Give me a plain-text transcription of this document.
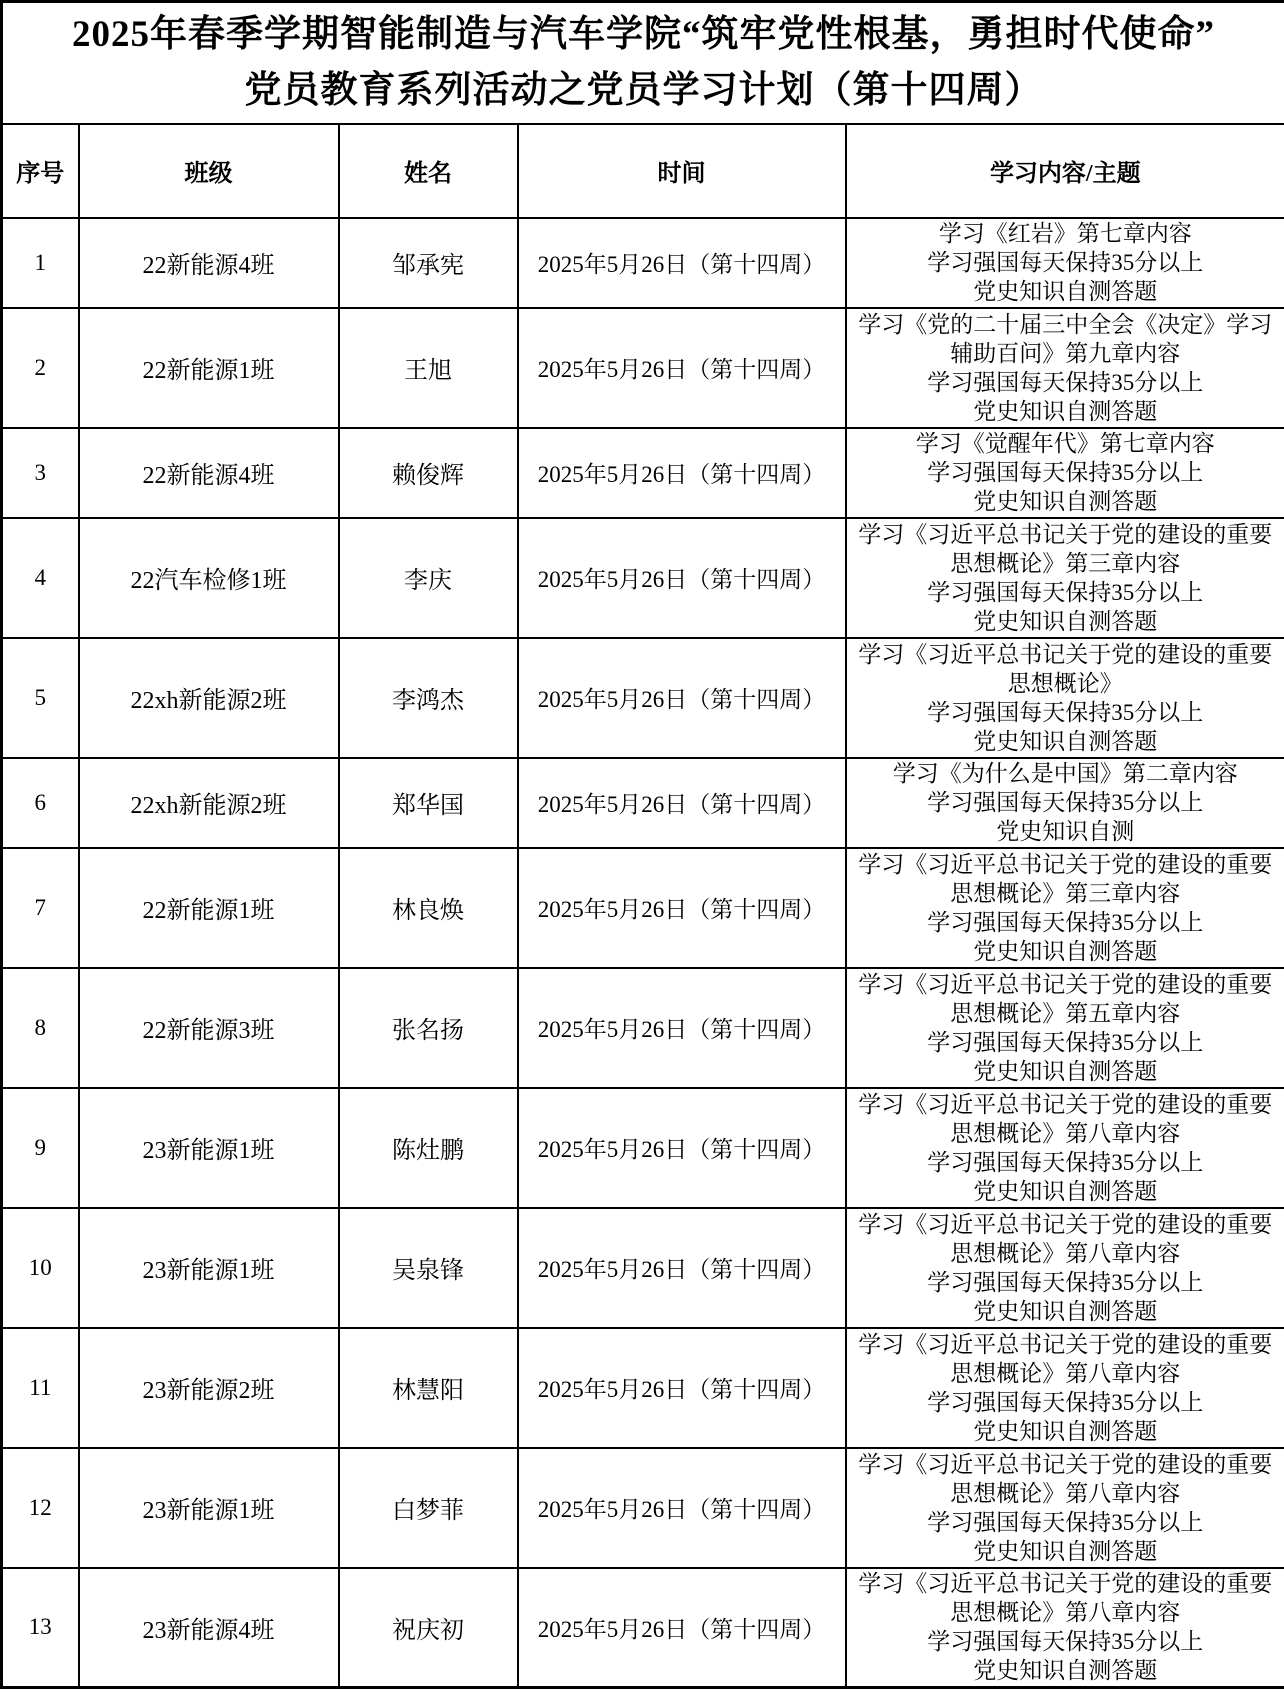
2025年春季学期智能制造与汽车学院“筑牢党性根基，勇担时代使命”
党员教育系列活动之党员学习计划（第十四周）				

序号	班级	姓名	时间	学习内容/主题
1	22新能源4班	邹承宪	2025年5月26日（第十四周）	学习《红岩》第七章内容
学习强国每天保持35分以上
党史知识自测答题

2	22新能源1班	王旭	2025年5月26日（第十四周）	学习《党的二十届三中全会《决定》学习
辅助百问》第九章内容
学习强国每天保持35分以上
党史知识自测答题

3	22新能源4班	赖俊辉	2025年5月26日（第十四周）	学习《觉醒年代》第七章内容
学习强国每天保持35分以上
党史知识自测答题

4	22汽车检修1班	李庆	2025年5月26日（第十四周）	学习《习近平总书记关于党的建设的重要
思想概论》第三章内容
学习强国每天保持35分以上
党史知识自测答题

5	22xh新能源2班	李鸿杰	2025年5月26日（第十四周）	学习《习近平总书记关于党的建设的重要
思想概论》
学习强国每天保持35分以上
党史知识自测答题

6	22xh新能源2班	郑华国	2025年5月26日（第十四周）	学习《为什么是中国》第二章内容
学习强国每天保持35分以上
党史知识自测

7	22新能源1班	林良焕	2025年5月26日（第十四周）	学习《习近平总书记关于党的建设的重要
思想概论》第三章内容
学习强国每天保持35分以上
党史知识自测答题

8	22新能源3班	张名扬	2025年5月26日（第十四周）	学习《习近平总书记关于党的建设的重要
思想概论》第五章内容
学习强国每天保持35分以上
党史知识自测答题

9	23新能源1班	陈灶鹏	2025年5月26日（第十四周）	学习《习近平总书记关于党的建设的重要
思想概论》第八章内容
学习强国每天保持35分以上
党史知识自测答题

10	23新能源1班	吴泉锋	2025年5月26日（第十四周）	学习《习近平总书记关于党的建设的重要
思想概论》第八章内容
学习强国每天保持35分以上
党史知识自测答题

11	23新能源2班	林慧阳	2025年5月26日（第十四周）	学习《习近平总书记关于党的建设的重要
思想概论》第八章内容
学习强国每天保持35分以上
党史知识自测答题

12	23新能源1班	白梦菲	2025年5月26日（第十四周）	学习《习近平总书记关于党的建设的重要
思想概论》第八章内容
学习强国每天保持35分以上
党史知识自测答题

13	23新能源4班	祝庆初	2025年5月26日（第十四周）	学习《习近平总书记关于党的建设的重要
思想概论》第八章内容
学习强国每天保持35分以上
党史知识自测答题
